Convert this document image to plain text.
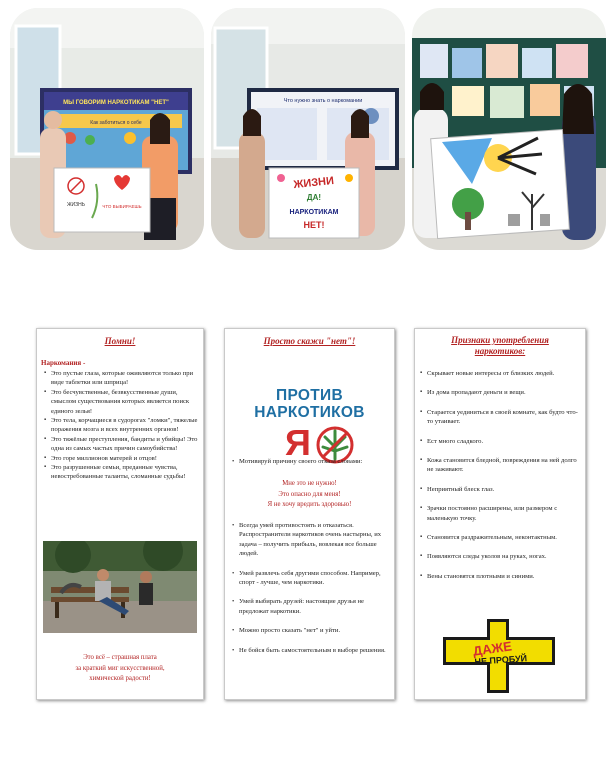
МЫ ГОВОРИМ НАРКОТИКАМ "НЕТ"
Как заботиться о себе
ЖИЗНЬ	ЧТО ВЫБИРАЕШЬ
Что нужно знать о наркомании
ЖИЗНИ
ДА!
НАРКОТИКАМ
НЕТ!
Помни!
Наркомания -
▪ Это пустые глаза, которые оживляются только при виде таблетки или шприца!
▪ Это бесчувственные, безвкусственные души, смыслом существования которых является поиск единого зелья!
▪ Это тела, корчащиеся в судорогах "ломки", тяжелые поражения мозга и всех внутренних органов!
▪ Это тяжёлые преступления, бандиты и убийцы! Это одна из самых частых причин самоубийства!
▪ Это горе миллионов матерей и отцов!
▪ Это разрушенные семьи, преданные чувства, невостребованные таланты, сломанные судьбы!
Это всё – страшная плата
за краткий миг искусственной,
химической радости!
Просто скажи "нет"!
ПРОТИВ
НАРКОТИКОВ
Я
• Мотивируй причину своего отказа словами:
Мне это не нужно!
Это опасно для меня!
Я не хочу вредить здоровью!
• Всегда умей противостоять и отказаться. Распространители наркотиков очень настырны, их задача – получить прибыль, вовлекая все больше людей.
• Умей развлечь себя другими способом. Например, спорт - лучше, чем наркотики.
• Умей выбирать друзей: настоящие друзья не предложат наркотики.
• Можно просто сказать "нет" и уйти.
• Не бойся быть самостоятельным в выборе решения.
Признаки употребления
наркотиков:
▪ Скрывает новые интересы от близких людей.
▪ Из дома пропадают деньги и вещи.
▪ Старается уединиться в своей комнате, как будто что-то утаивает.
▪ Ест много сладкого.
▪ Кожа становится бледной, повреждения на ней долго не заживают.
▪ Неприятный блеск глаз.
▪ Зрачки постоянно расширены, или размером с маленькую точку.
▪ Становится раздражительным, неконтактным.
▪ Появляются следы уколов на руках, ногах.
▪ Вены становятся плотными и синими.
ДАЖЕ
НЕ ПРОБУЙ
